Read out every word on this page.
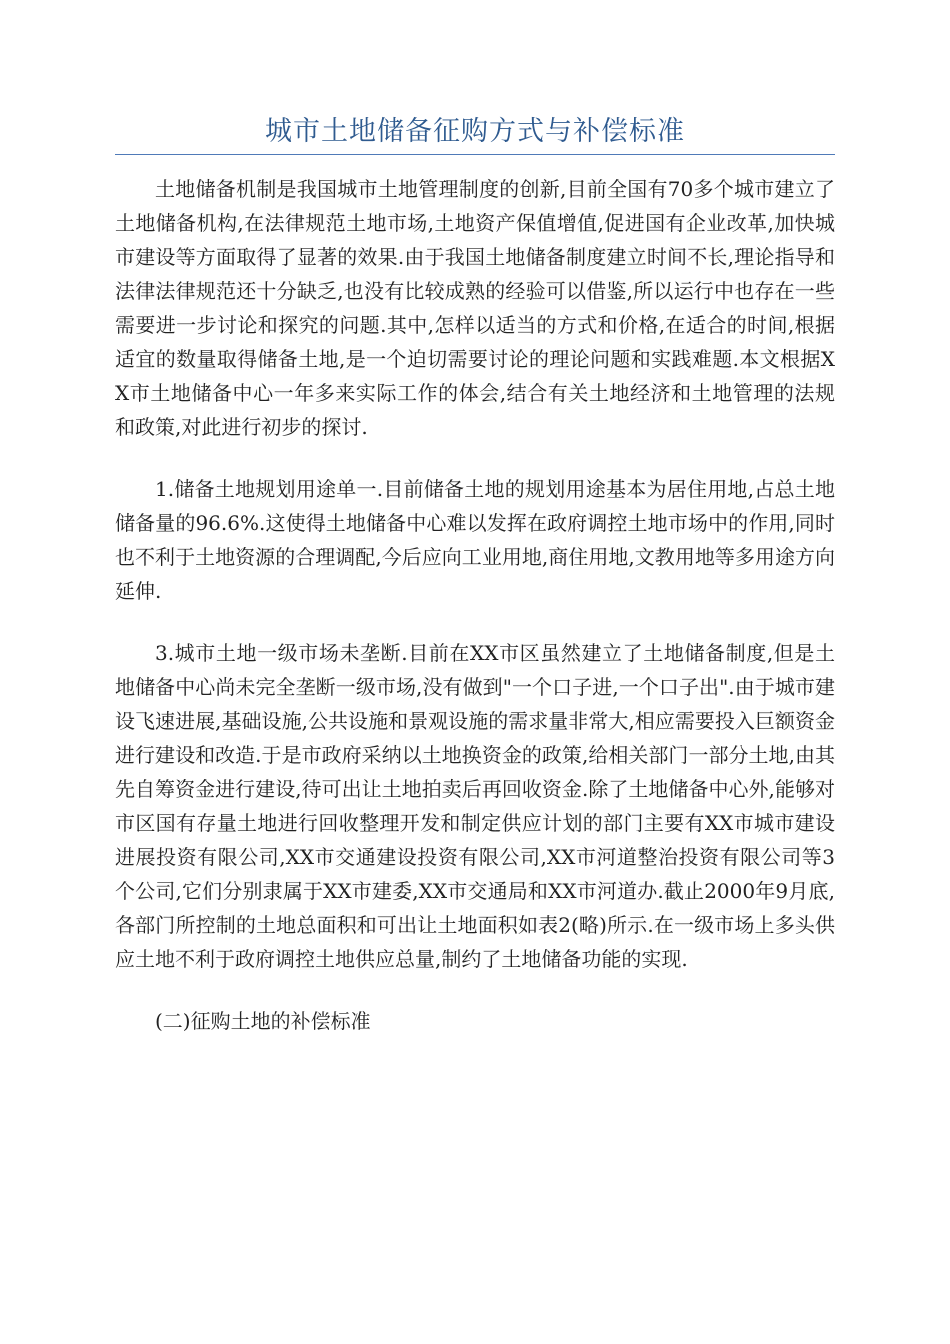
城市土地储备征购方式与补偿标准

土地储备机制是我国城市土地管理制度的创新,目前全国有70多个城市建立了土地储备机构,在法律规范土地市场,土地资产保值增值,促进国有企业改革,加快城市建设等方面取得了显著的效果.由于我国土地储备制度建立时间不长,理论指导和法律法律规范还十分缺乏,也没有比较成熟的经验可以借鉴,所以运行中也存在一些需要进一步讨论和探究的问题.其中,怎样以适当的方式和价格,在适合的时间,根据适宜的数量取得储备土地,是一个迫切需要讨论的理论问题和实践难题.本文根据XX市土地储备中心一年多来实际工作的体会,结合有关土地经济和土地管理的法规和政策,对此进行初步的探讨.

1.储备土地规划用途单一.目前储备土地的规划用途基本为居住用地,占总土地储备量的96.6%.这使得土地储备中心难以发挥在政府调控土地市场中的作用,同时也不利于土地资源的合理调配,今后应向工业用地,商住用地,文教用地等多用途方向延伸.

3.城市土地一级市场未垄断.目前在XX市区虽然建立了土地储备制度,但是土地储备中心尚未完全垄断一级市场,没有做到"一个口子进,一个口子出".由于城市建设飞速进展,基础设施,公共设施和景观设施的需求量非常大,相应需要投入巨额资金进行建设和改造.于是市政府采纳以土地换资金的政策,给相关部门一部分土地,由其先自筹资金进行建设,待可出让土地拍卖后再回收资金.除了土地储备中心外,能够对市区国有存量土地进行回收整理开发和制定供应计划的部门主要有XX市城市建设进展投资有限公司,XX市交通建设投资有限公司,XX市河道整治投资有限公司等3个公司,它们分别隶属于XX市建委,XX市交通局和XX市河道办.截止2000年9月底,各部门所控制的土地总面积和可出让土地面积如表2(略)所示.在一级市场上多头供应土地不利于政府调控土地供应总量,制约了土地储备功能的实现.

(二)征购土地的补偿标准
